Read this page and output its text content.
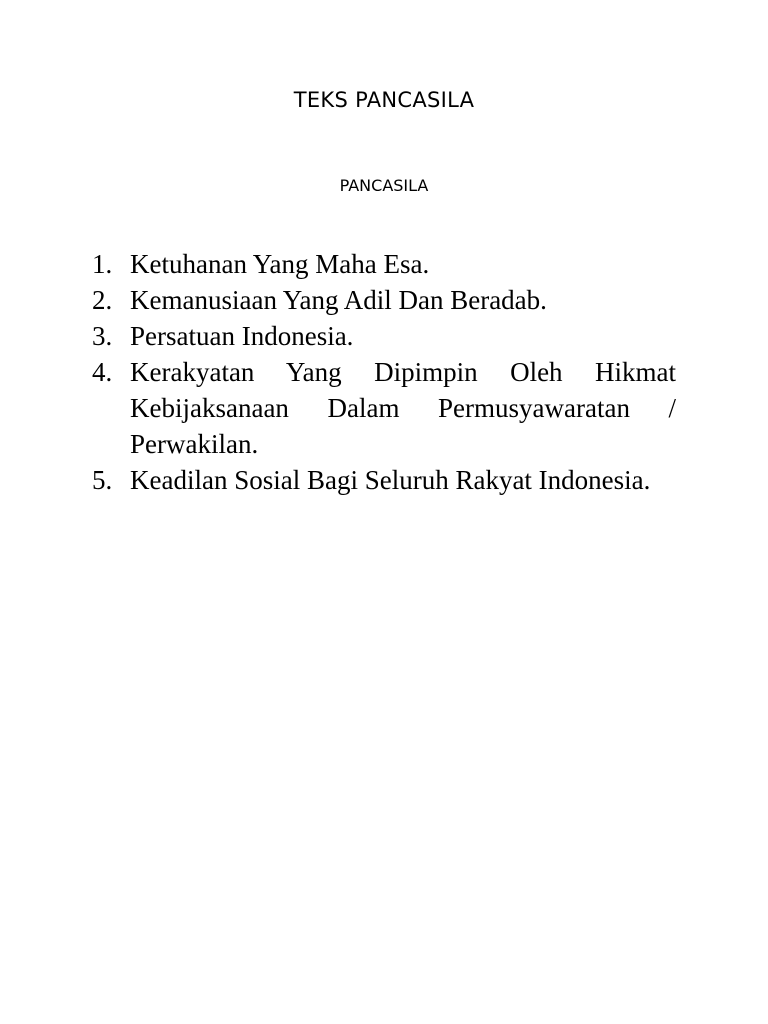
TEKS PANCASILA
PANCASILA
1. Ketuhanan Yang Maha Esa.
2. Kemanusiaan Yang Adil Dan Beradab.
3. Persatuan Indonesia.
4. Kerakyatan Yang Dipimpin Oleh Hikmat Kebijaksanaan Dalam Permusyawaratan / Perwakilan.
5. Keadilan Sosial Bagi Seluruh Rakyat Indonesia.
